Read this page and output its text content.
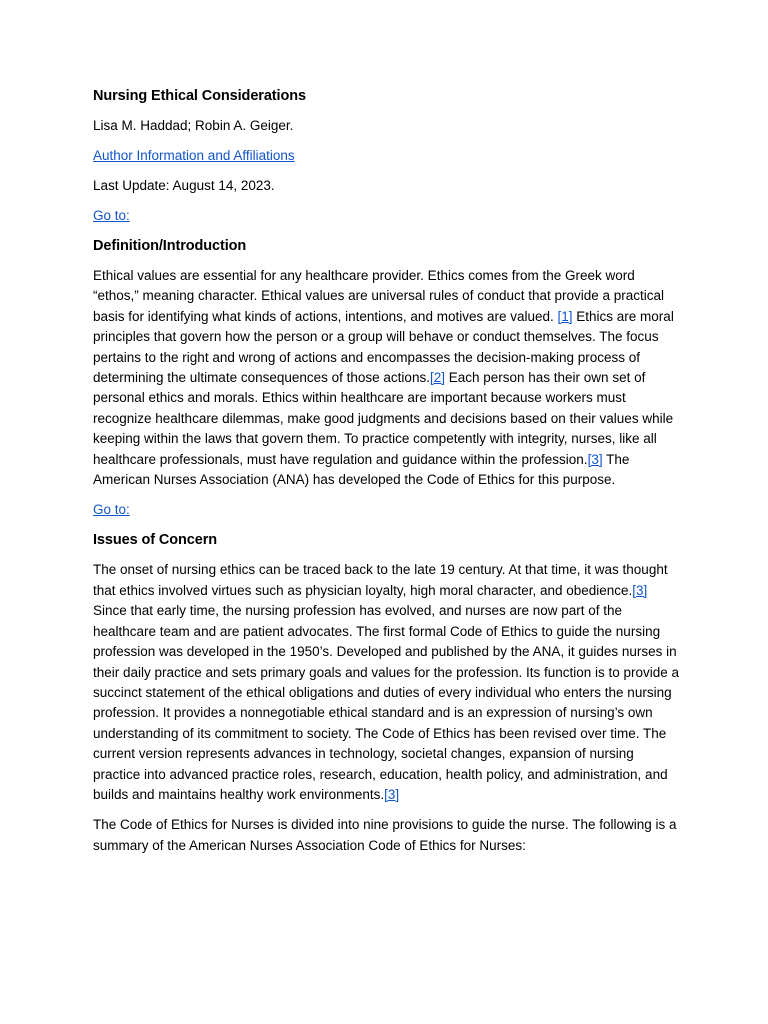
Nursing Ethical Considerations

Lisa M. Haddad; Robin A. Geiger.

Author Information and Affiliations

Last Update: August 14, 2023.

Go to:

Definition/Introduction

Ethical values are essential for any healthcare provider. Ethics comes from the Greek word “ethos,” meaning character. Ethical values are universal rules of conduct that provide a practical basis for identifying what kinds of actions, intentions, and motives are valued. [1] Ethics are moral principles that govern how the person or a group will behave or conduct themselves. The focus pertains to the right and wrong of actions and encompasses the decision-making process of determining the ultimate consequences of those actions.[2] Each person has their own set of personal ethics and morals. Ethics within healthcare are important because workers must recognize healthcare dilemmas, make good judgments and decisions based on their values while keeping within the laws that govern them. To practice competently with integrity, nurses, like all healthcare professionals, must have regulation and guidance within the profession.[3] The American Nurses Association (ANA) has developed the Code of Ethics for this purpose.

Go to:

Issues of Concern

The onset of nursing ethics can be traced back to the late 19 century. At that time, it was thought that ethics involved virtues such as physician loyalty, high moral character, and obedience.[3] Since that early time, the nursing profession has evolved, and nurses are now part of the healthcare team and are patient advocates. The first formal Code of Ethics to guide the nursing profession was developed in the 1950’s. Developed and published by the ANA, it guides nurses in their daily practice and sets primary goals and values for the profession. Its function is to provide a succinct statement of the ethical obligations and duties of every individual who enters the nursing profession. It provides a nonnegotiable ethical standard and is an expression of nursing’s own understanding of its commitment to society. The Code of Ethics has been revised over time. The current version represents advances in technology, societal changes, expansion of nursing practice into advanced practice roles, research, education, health policy, and administration, and builds and maintains healthy work environments.[3]

The Code of Ethics for Nurses is divided into nine provisions to guide the nurse. The following is a summary of the American Nurses Association Code of Ethics for Nurses:
